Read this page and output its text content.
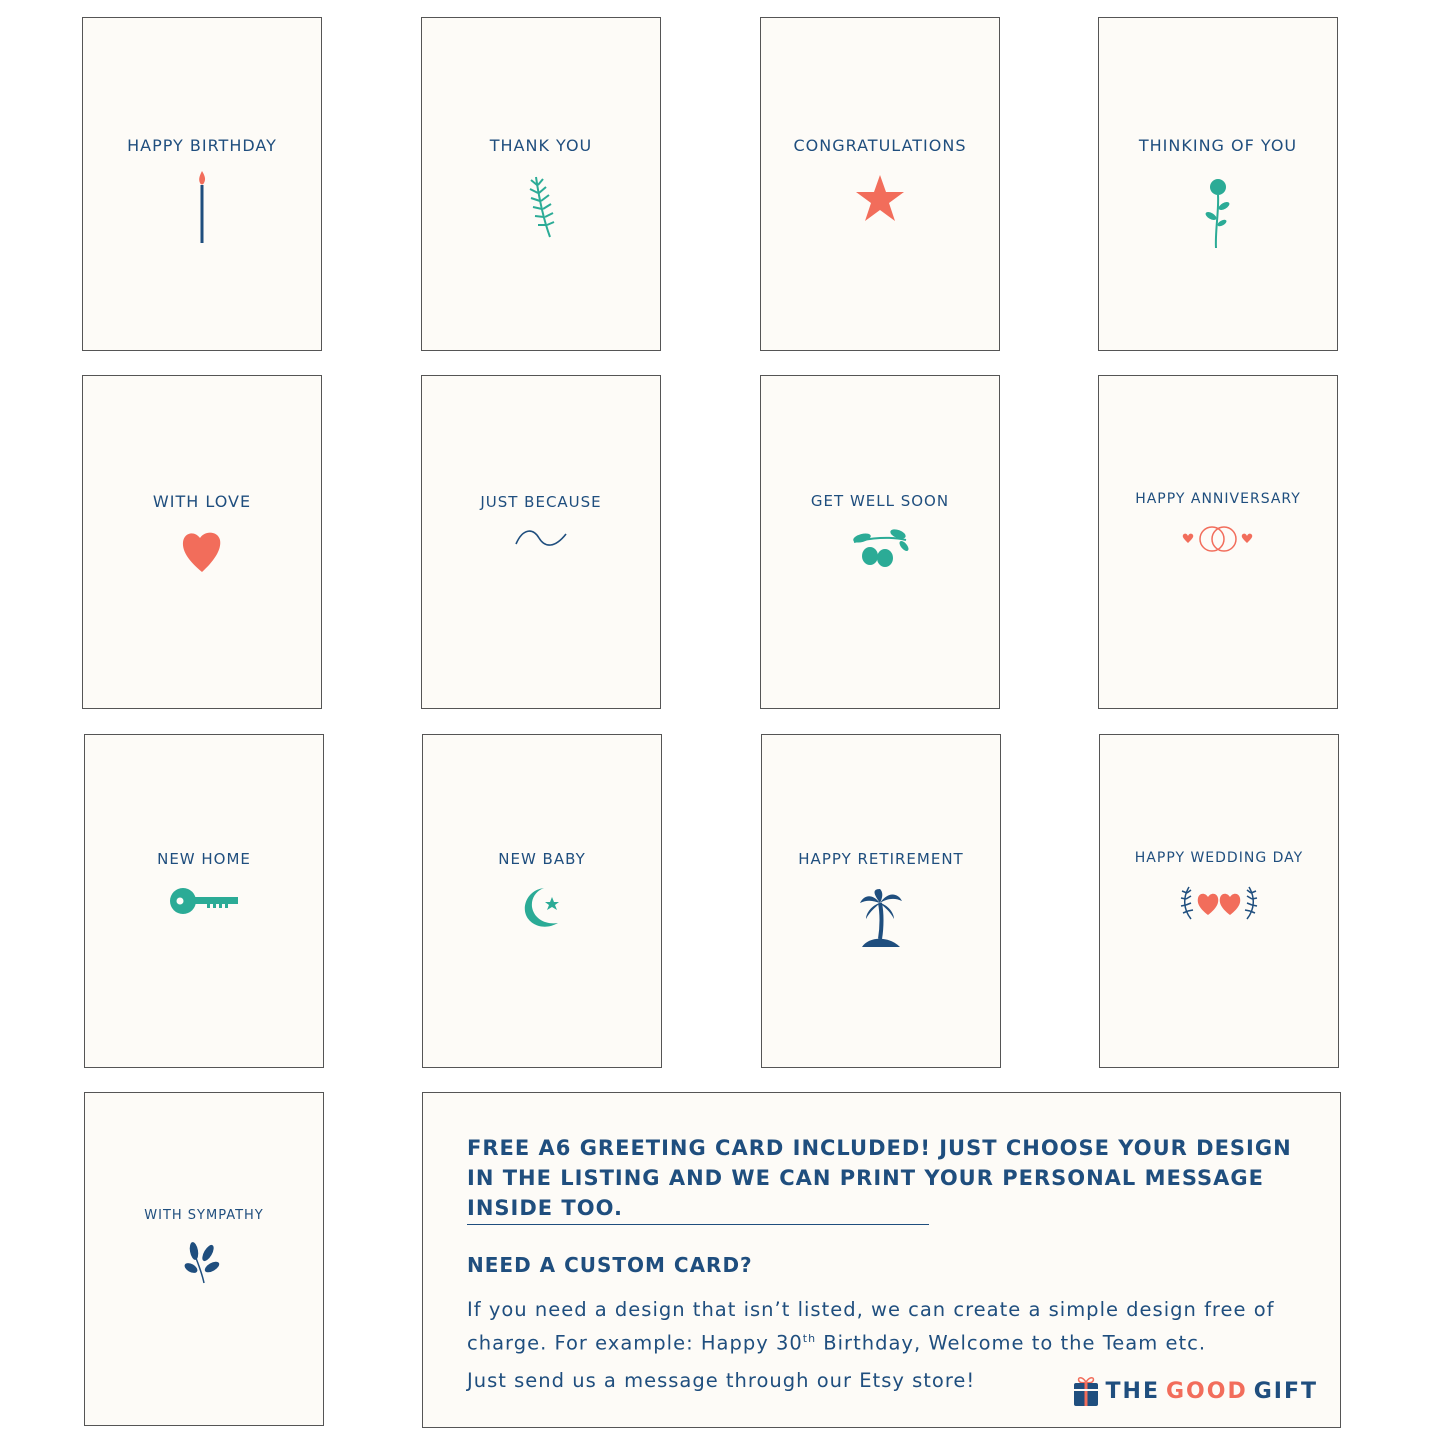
HAPPY BIRTHDAY	THANK YOU	CONGRATULATIONS	THINKING OF YOU
WITH LOVE	JUST BECAUSE	GET WELL SOON	HAPPY ANNIVERSARY
NEW HOME	NEW BABY	HAPPY RETIREMENT	HAPPY WEDDING DAY
WITH SYMPATHY
FREE A6 GREETING CARD INCLUDED! JUST CHOOSE YOUR DESIGN IN THE LISTING AND WE CAN PRINT YOUR PERSONAL MESSAGE INSIDE TOO.
NEED A CUSTOM CARD?
If you need a design that isn’t listed, we can create a simple design free of charge. For example: Happy 30th Birthday, Welcome to the Team etc.
Just send us a message through our Etsy store!	THE GOOD GIFT
